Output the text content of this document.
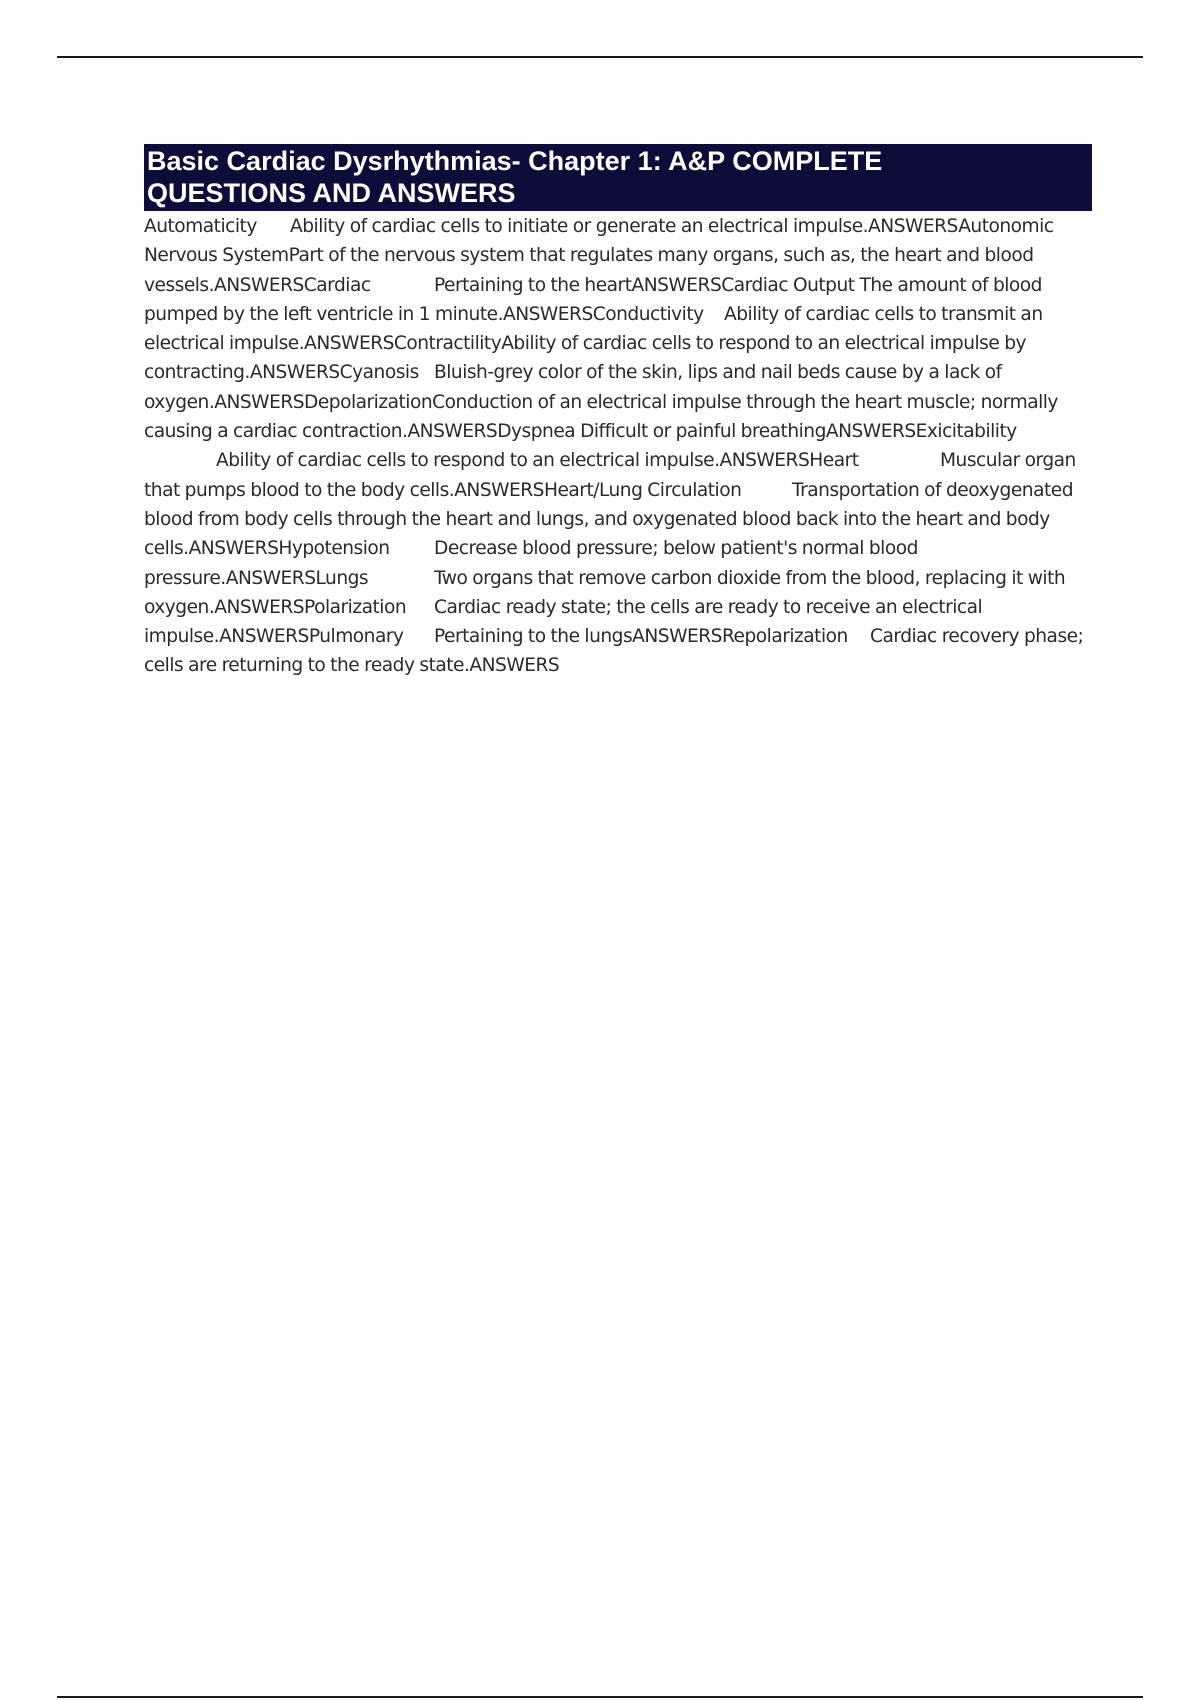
Basic Cardiac Dysrhythmias- Chapter 1: A&P COMPLETE
QUESTIONS AND ANSWERS
Automaticity	Ability of cardiac cells to initiate or generate an electrical impulse.ANSWERSAutonomic
Nervous System Part of the nervous system that regulates many organs, such as, the heart and blood
vessels.ANSWERSCardiac	Pertaining to the heartANSWERSCardiac Output The amount of blood
pumped by the left ventricle in 1 minute.ANSWERSConductivity	Ability of cardiac cells to transmit an
electrical impulse.ANSWERSContractility Ability of cardiac cells to respond to an electrical impulse by
contracting.ANSWERSCyanosis Bluish-grey color of the skin, lips and nail beds cause by a lack of
oxygen.ANSWERSDepolarization Conduction of an electrical impulse through the heart muscle; normally
causing a cardiac contraction.ANSWERSDyspnea Difficult or painful breathingANSWERSExicitability
Ability of cardiac cells to respond to an electrical impulse.ANSWERSHeart	Muscular organ
that pumps blood to the body cells.ANSWERSHeart/Lung Circulation	Transportation of deoxygenated
blood from body cells through the heart and lungs, and oxygenated blood back into the heart and body
cells.ANSWERSHypotension	Decrease blood pressure; below patient's normal blood
pressure.ANSWERSLungs	Two organs that remove carbon dioxide from the blood, replacing it with
oxygen.ANSWERSPolarization	Cardiac ready state; the cells are ready to receive an electrical
impulse.ANSWERSPulmonary	Pertaining to the lungsANSWERSRepolarization	Cardiac recovery phase;
cells are returning to the ready state.ANSWERS
